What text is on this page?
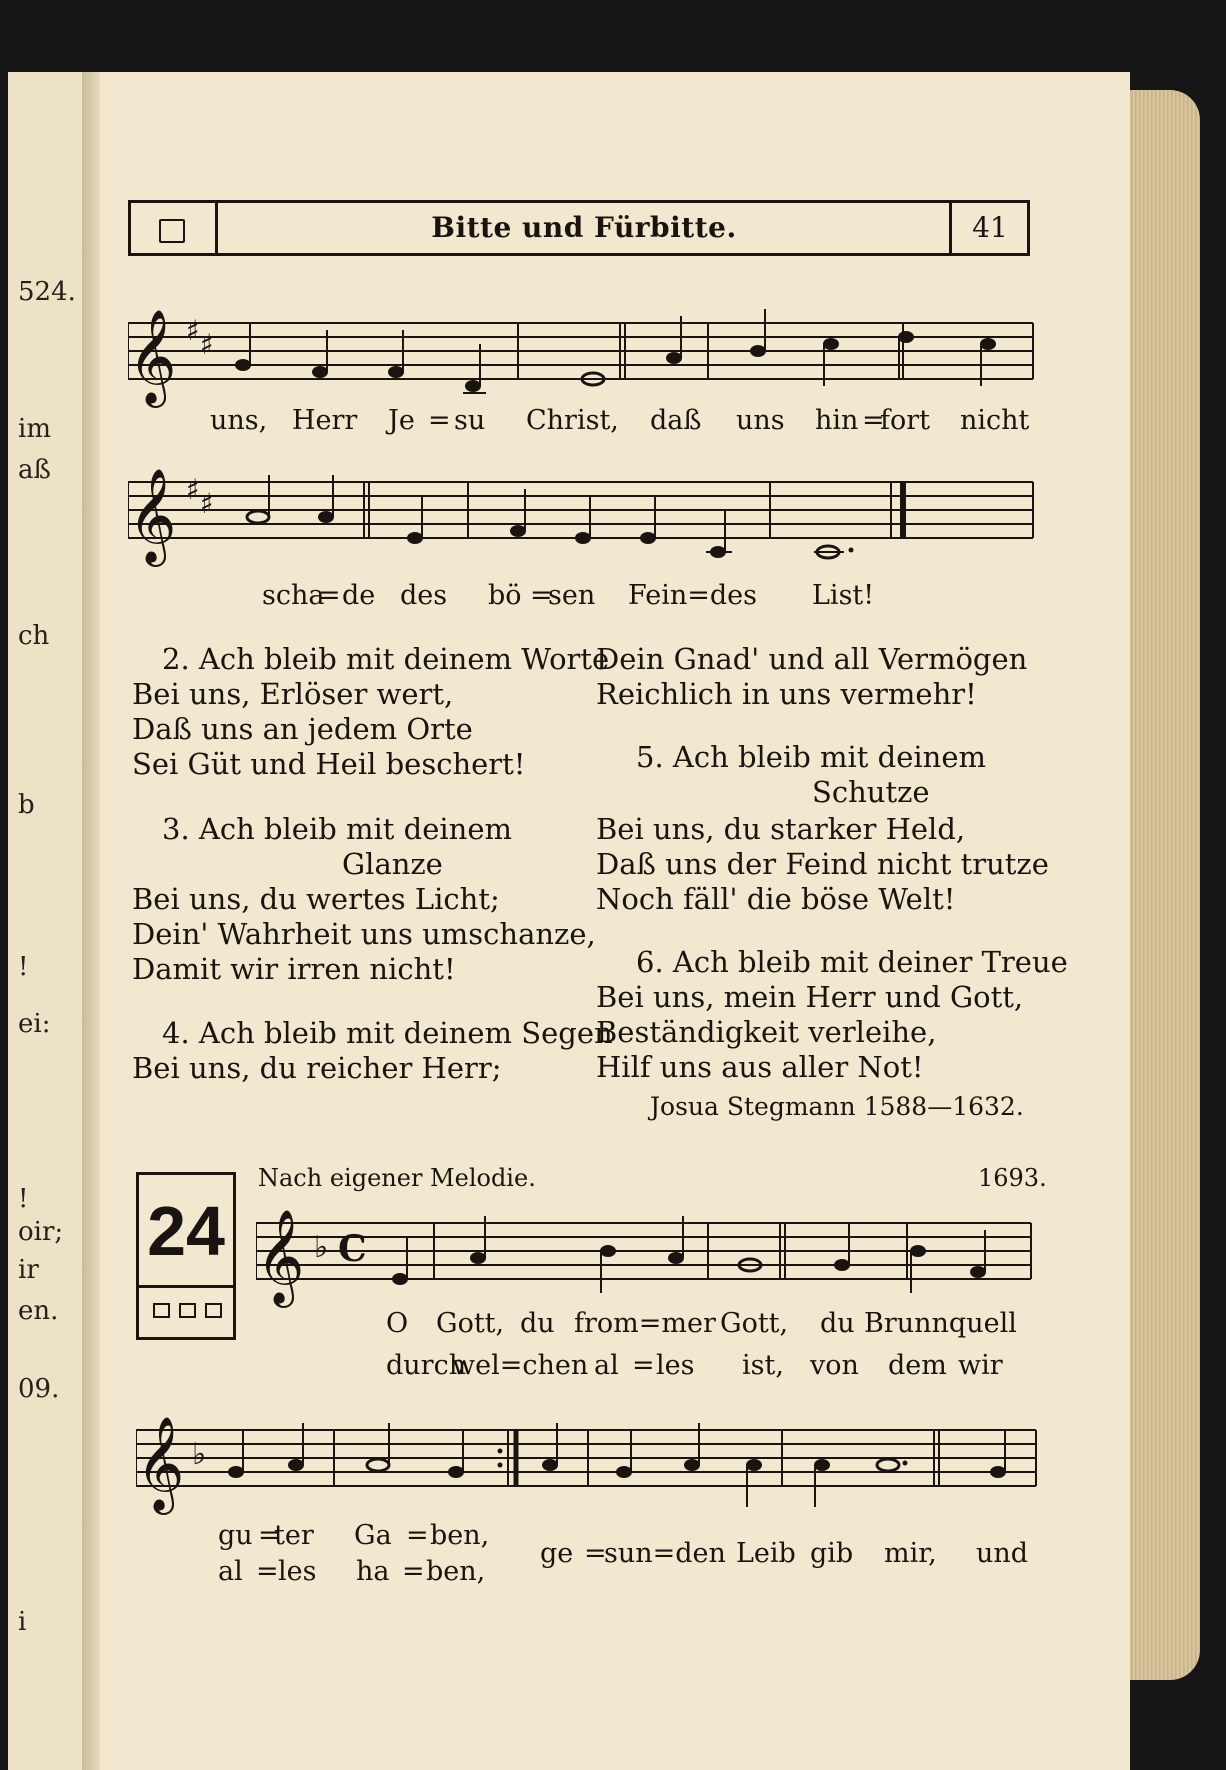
524.
im
aß
ch
b
!
ei:
!
oir;
ir
en.
09.
i
Bitte und Fürbitte.	41
𝄞 ♯ ♯
uns, Herr Je = su Christ, daß uns hin =
fort nicht
𝄞 ♯ ♯
scha
= de des bö =
sen Fein=des List!
2. Ach bleib mit deinem Worte
Bei uns, Erlöser wert,
Daß uns an jedem Orte
Sei Güt und Heil beschert!
3. Ach bleib mit deinem
Glanze
Bei uns, du wertes Licht;
Dein' Wahrheit uns umschanze,
Damit wir irren nicht!
4. Ach bleib mit deinem Segen
Bei uns, du reicher Herr;
Dein Gnad' und all Vermögen
Reichlich in uns vermehr!
5. Ach bleib mit deinem
Schutze
Bei uns, du starker Held,
Daß uns der Feind nicht trutze
Noch fäll' die böse Welt!
6. Ach bleib mit deiner Treue
Bei uns, mein Herr und Gott,
Beständigkeit verleihe,
Hilf uns aus aller Not!
Josua Stegmann 1588—1632.
24
Nach eigener Melodie.	1693.
𝄞 ♭ C
O Gott, du from=mer Gott, du Brunnquell
durch
wel=chen al = les ist, von dem wir
𝄞 ♭
gu =
ter Ga = ben,
al = les ha = ben,
ge =
sun=den Leib gib mir, und
